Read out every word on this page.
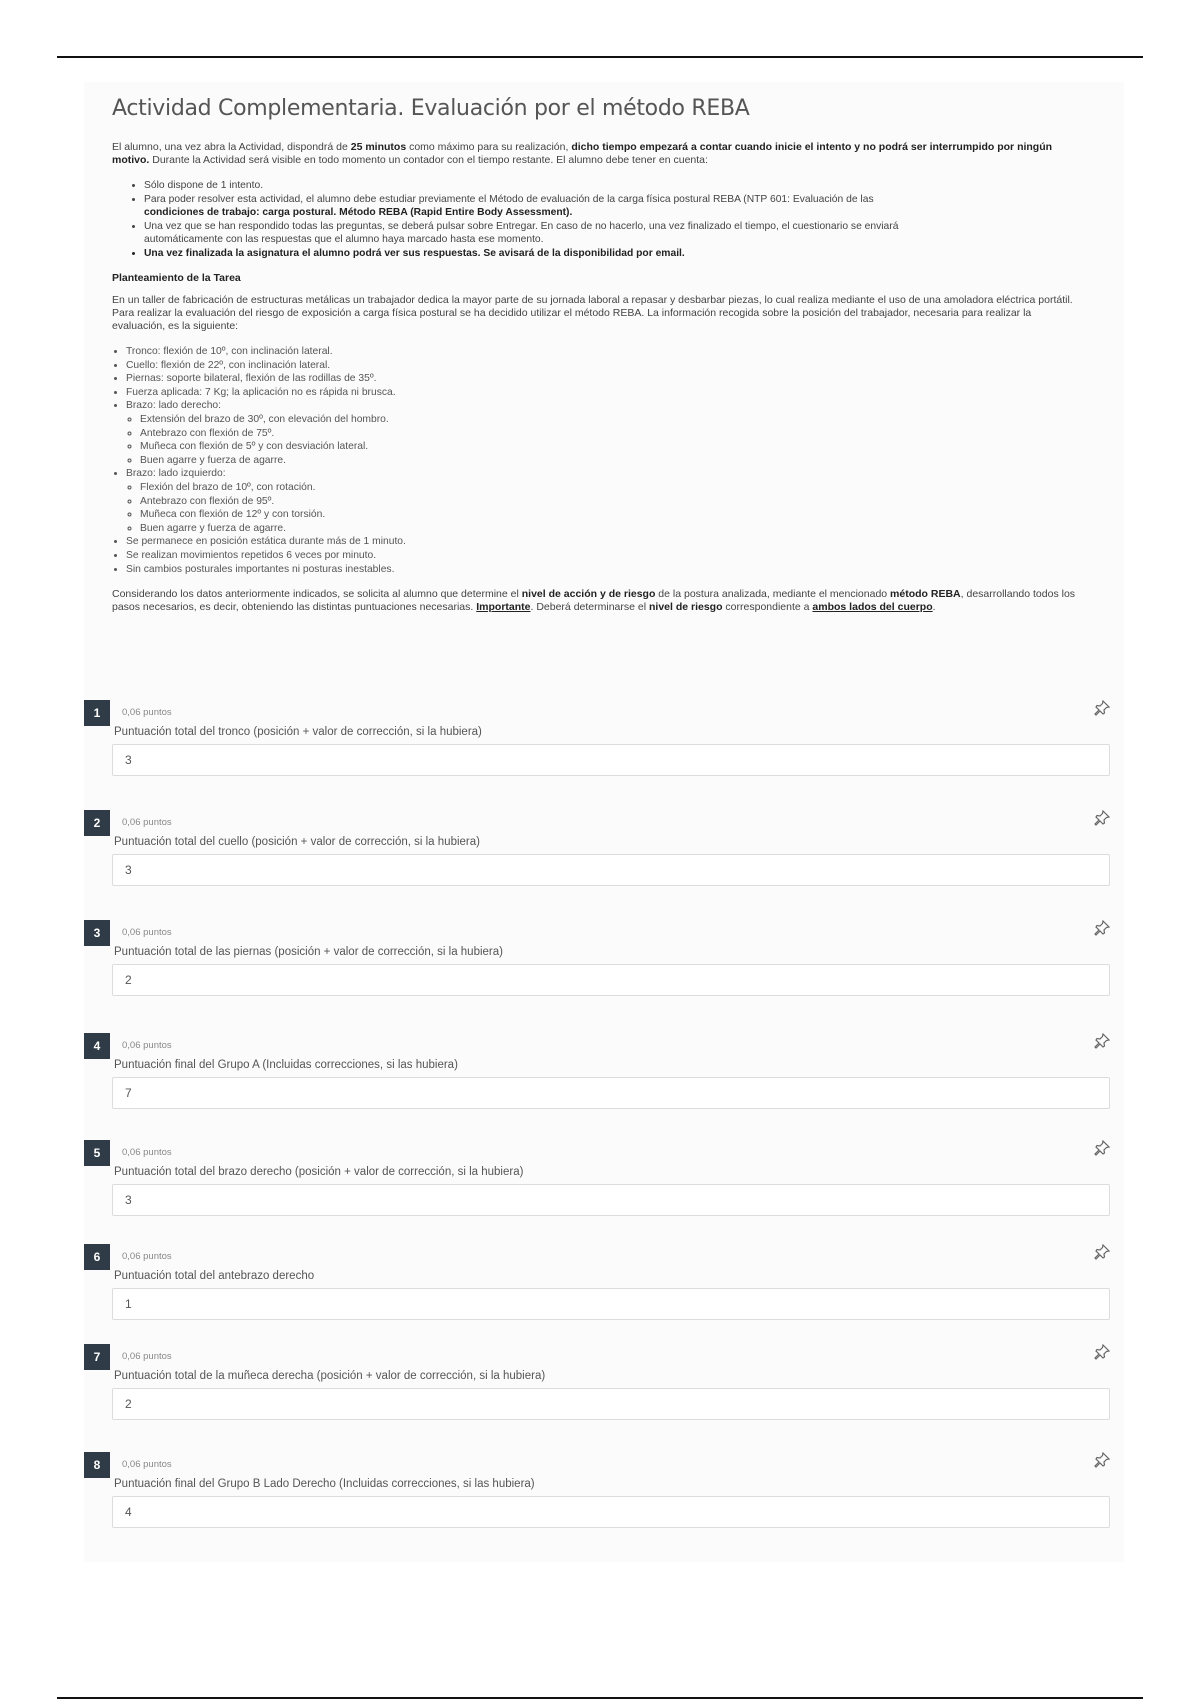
Actividad Complementaria. Evaluación por el método REBA

El alumno, una vez abra la Actividad, dispondrá de 25 minutos como máximo para su realización, dicho tiempo empezará a contar cuando inicie el intento y no podrá ser interrumpido por ningún motivo. Durante la Actividad será visible en todo momento un contador con el tiempo restante. El alumno debe tener en cuenta:

• Sólo dispone de 1 intento.
• Para poder resolver esta actividad, el alumno debe estudiar previamente el Método de evaluación de la carga física postural REBA (NTP 601: Evaluación de las
condiciones de trabajo: carga postural. Método REBA (Rapid Entire Body Assessment).
• Una vez que se han respondido todas las preguntas, se deberá pulsar sobre Entregar. En caso de no hacerlo, una vez finalizado el tiempo, el cuestionario se enviará
automáticamente con las respuestas que el alumno haya marcado hasta ese momento.
• Una vez finalizada la asignatura el alumno podrá ver sus respuestas. Se avisará de la disponibilidad por email.
Planteamiento de la Tarea

En un taller de fabricación de estructuras metálicas un trabajador dedica la mayor parte de su jornada laboral a repasar y desbarbar piezas, lo cual realiza mediante el uso de una amoladora eléctrica portátil. Para realizar la evaluación del riesgo de exposición a carga física postural se ha decidido utilizar el método REBA. La información recogida sobre la posición del trabajador, necesaria para realizar la evaluación, es la siguiente:

• Tronco: flexión de 10º, con inclinación lateral.
• Cuello: flexión de 22º, con inclinación lateral.
• Piernas: soporte bilateral, flexión de las rodillas de 35º.
• Fuerza aplicada: 7 Kg; la aplicación no es rápida ni brusca.
• Brazo: lado derecho:
◦ Extensión del brazo de 30º, con elevación del hombro.
◦ Antebrazo con flexión de 75º.
◦ Muñeca con flexión de 5º y con desviación lateral.
◦ Buen agarre y fuerza de agarre.
• Brazo: lado izquierdo:
◦ Flexión del brazo de 10º, con rotación.
◦ Antebrazo con flexión de 95º.
◦ Muñeca con flexión de 12º y con torsión.
◦ Buen agarre y fuerza de agarre.
• Se permanece en posición estática durante más de 1 minuto.
• Se realizan movimientos repetidos 6 veces por minuto.
• Sin cambios posturales importantes ni posturas inestables.

Considerando los datos anteriormente indicados, se solicita al alumno que determine el nivel de acción y de riesgo de la postura analizada, mediante el mencionado método REBA, desarrollando todos los pasos necesarios, es decir, obteniendo las distintas puntuaciones necesarias. Importante. Deberá determinarse el nivel de riesgo correspondiente a ambos lados del cuerpo.

1	0,06 puntos
Puntuación total del tronco (posición + valor de corrección, si la hubiera)
3
2	0,06 puntos
Puntuación total del cuello (posición + valor de corrección, si la hubiera)
3
3	0,06 puntos
Puntuación total de las piernas (posición + valor de corrección, si la hubiera)
2
4	0,06 puntos
Puntuación final del Grupo A (Incluidas correcciones, si las hubiera)
7
5	0,06 puntos
Puntuación total del brazo derecho (posición + valor de corrección, si la hubiera)
3
6	0,06 puntos
Puntuación total del antebrazo derecho
1
7	0,06 puntos
Puntuación total de la muñeca derecha (posición + valor de corrección, si la hubiera)
2
8	0,06 puntos
Puntuación final del Grupo B Lado Derecho (Incluidas correcciones, si las hubiera)
4
